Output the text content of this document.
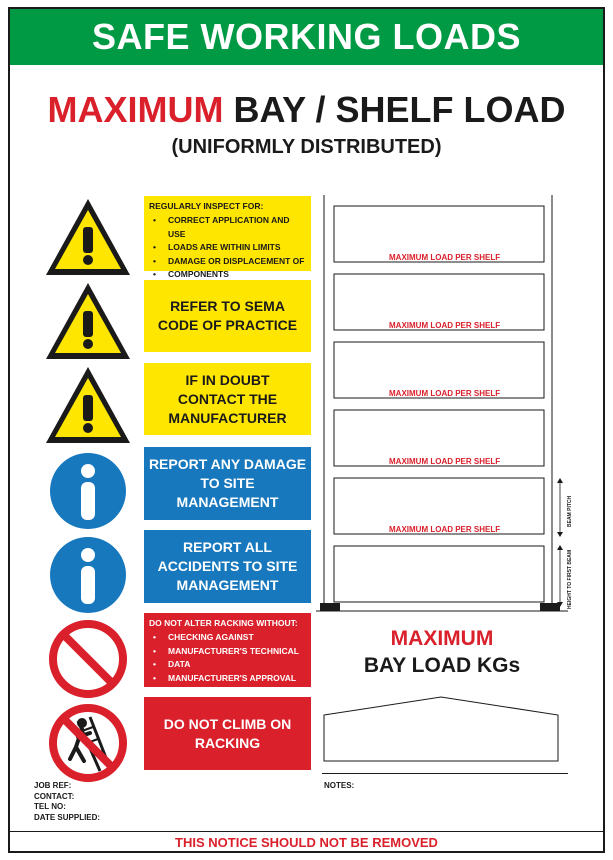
SAFE WORKING LOADS
MAXIMUM BAY / SHELF LOAD
(UNIFORMLY DISTRIBUTED)
REGULARLY INSPECT FOR:
• CORRECT APPLICATION AND USE
• LOADS ARE WITHIN LIMITS
• DAMAGE OR DISPLACEMENT OF
• COMPONENTS
REFER TO SEMA
CODE OF PRACTICE
IF IN DOUBT
CONTACT THE
MANUFACTURER
REPORT ANY DAMAGE
TO SITE
MANAGEMENT
REPORT ALL
ACCIDENTS TO SITE
MANAGEMENT
DO NOT ALTER RACKING WITHOUT:
• CHECKING AGAINST
• MANUFACTURER'S TECHNICAL
• DATA
• MANUFACTURER'S APPROVAL
DO NOT CLIMB ON
RACKING
MAXIMUM LOAD PER SHELF
MAXIMUM LOAD PER SHELF
MAXIMUM LOAD PER SHELF
MAXIMUM LOAD PER SHELF
MAXIMUM LOAD PER SHELF
BEAM PITCH
HEIGHT TO FIRST BEAM
MAXIMUM
BAY LOAD KGs
JOB REF:
CONTACT:
TEL NO:
DATE SUPPLIED:
NOTES:
THIS NOTICE SHOULD NOT BE REMOVED
